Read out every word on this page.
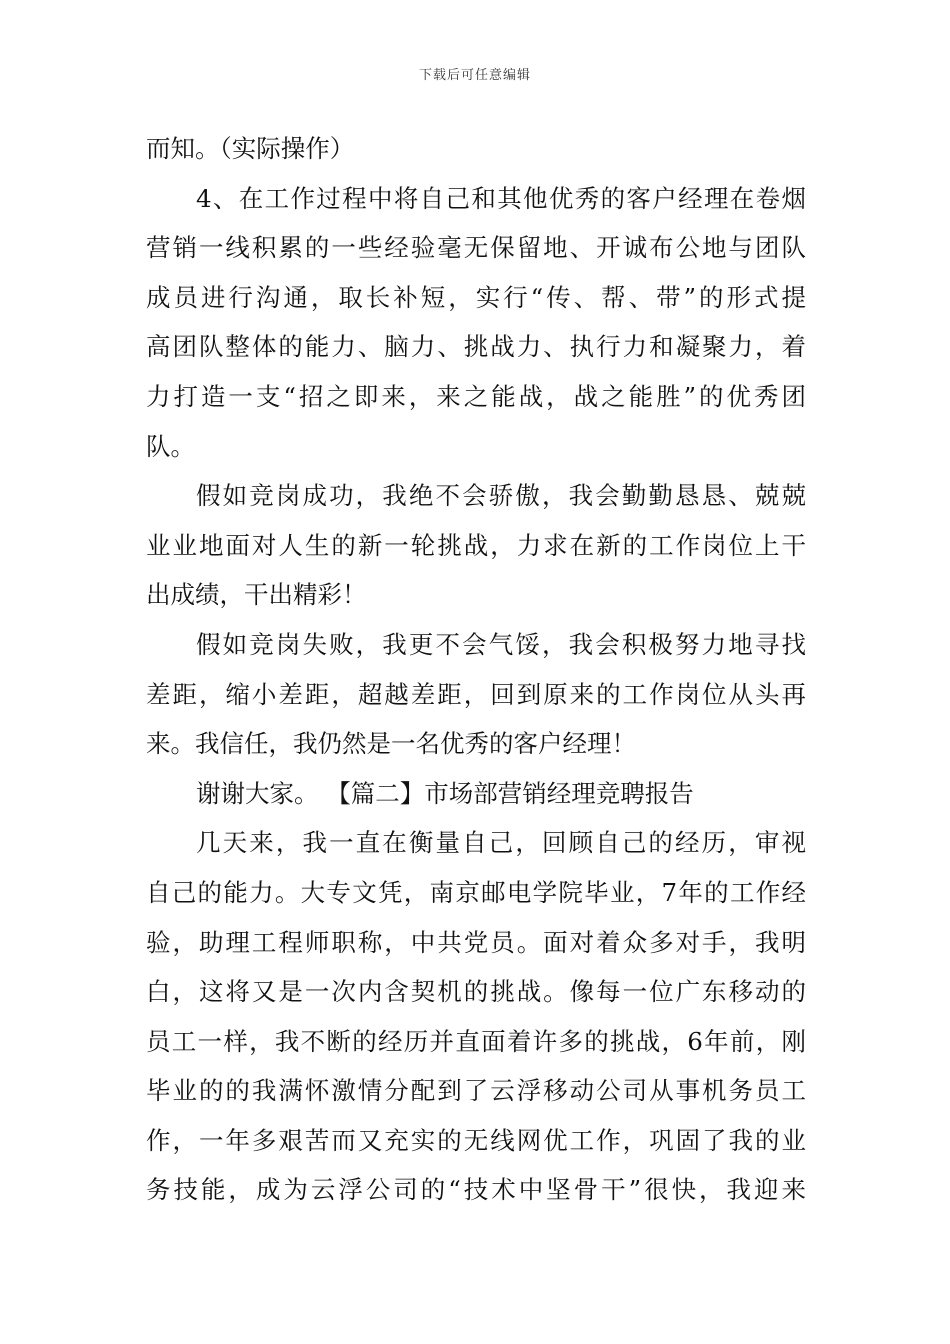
下载后可任意编辑
而知。（实际操作）
4、在工作过程中将自己和其他优秀的客户经理在卷烟
营销一线积累的一些经验毫无保留地、开诚布公地与团队
成员进行沟通，取长补短，实行“传、帮、带”的形式提
高团队整体的能力、脑力、挑战力、执行力和凝聚力，着
力打造一支“招之即来，来之能战，战之能胜”的优秀团
队。
假如竞岗成功，我绝不会骄傲，我会勤勤恳恳、兢兢
业业地面对人生的新一轮挑战，力求在新的工作岗位上干
出成绩，干出精彩！
假如竞岗失败，我更不会气馁，我会积极努力地寻找
差距，缩小差距，超越差距，回到原来的工作岗位从头再
来。我信任，我仍然是一名优秀的客户经理！
谢谢大家。 【篇二】市场部营销经理竞聘报告
几天来，我一直在衡量自己，回顾自己的经历，审视
自己的能力。大专文凭，南京邮电学院毕业，7年的工作经
验，助理工程师职称，中共党员。面对着众多对手，我明
白，这将又是一次内含契机的挑战。像每一位广东移动的
员工一样，我不断的经历并直面着许多的挑战，6年前，刚
毕业的的我满怀激情分配到了云浮移动公司从事机务员工
作，一年多艰苦而又充实的无线网优工作，巩固了我的业
务技能，成为云浮公司的“技术中坚骨干”很快，我迎来
